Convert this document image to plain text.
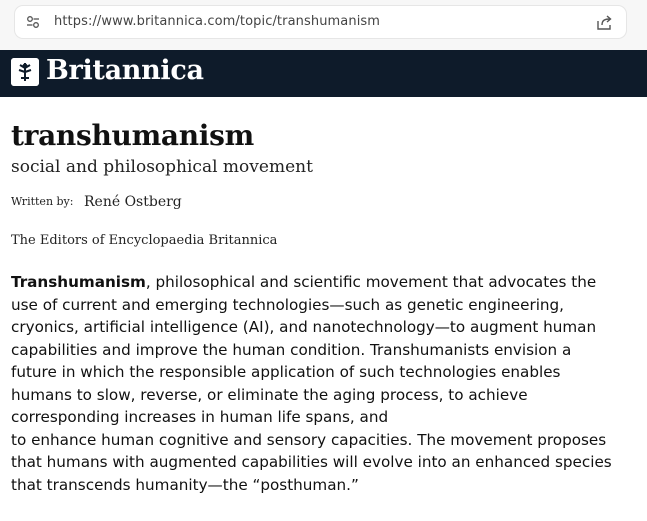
https://www.britannica.com/topic/transhumanism
Britannica
transhumanism
social and philosophical movement
Written by: René Ostberg
The Editors of Encyclopaedia Britannica

Transhumanism, philosophical and scientific movement that advocates the
use of current and emerging technologies—such as genetic engineering,
cryonics, artificial intelligence (AI), and nanotechnology—to augment human
capabilities and improve the human condition. Transhumanists envision a
future in which the responsible application of such technologies enables
humans to slow, reverse, or eliminate the aging process, to achieve
corresponding increases in human life spans, and
to enhance human cognitive and sensory capacities. The movement proposes
that humans with augmented capabilities will evolve into an enhanced species
that transcends humanity—the “posthuman.”
